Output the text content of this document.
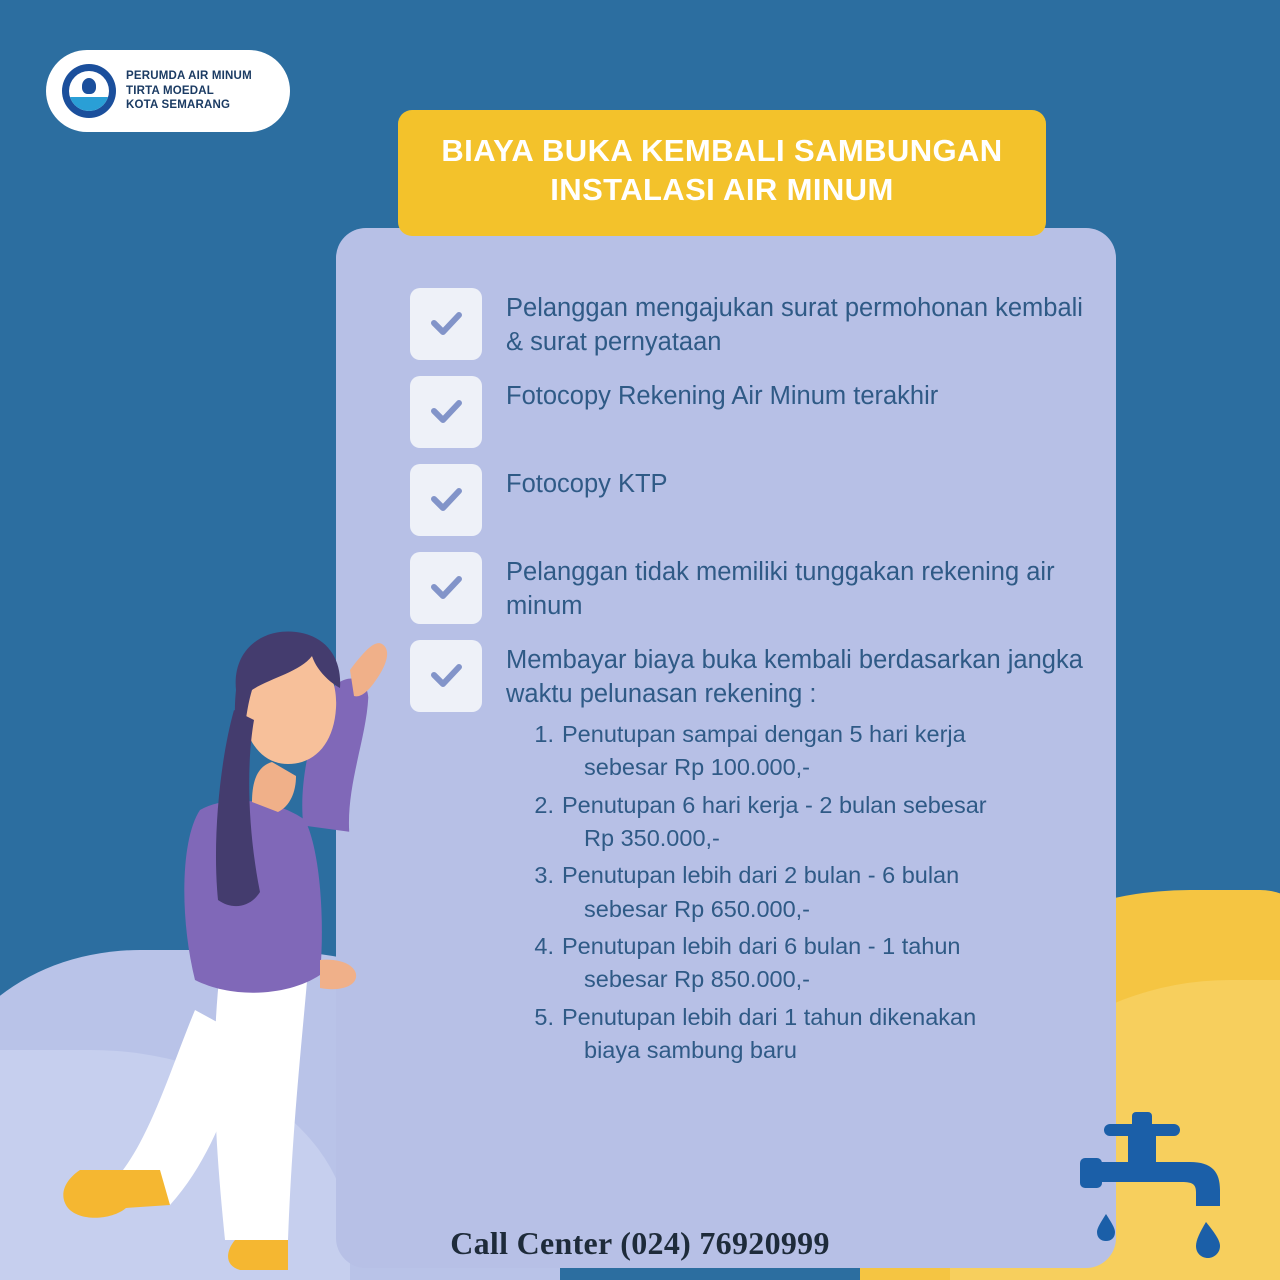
PERUMDA AIR MINUM
TIRTA MOEDAL
KOTA SEMARANG
BIAYA BUKA KEMBALI SAMBUNGAN
INSTALASI AIR MINUM
Pelanggan mengajukan surat permohonan kembali & surat pernyataan
Fotocopy Rekening Air Minum terakhir
Fotocopy KTP
Pelanggan tidak memiliki tunggakan rekening air minum
Membayar biaya buka kembali berdasarkan jangka waktu pelunasan rekening :
1. Penutupan sampai dengan 5 hari kerja
sebesar Rp 100.000,-
2. Penutupan 6 hari kerja - 2 bulan sebesar
Rp 350.000,-
3. Penutupan lebih dari 2 bulan - 6 bulan
sebesar Rp 650.000,-
4. Penutupan lebih dari 6 bulan - 1 tahun
sebesar Rp 850.000,-
5. Penutupan lebih dari 1 tahun dikenakan
biaya sambung baru
Call Center (024) 76920999
